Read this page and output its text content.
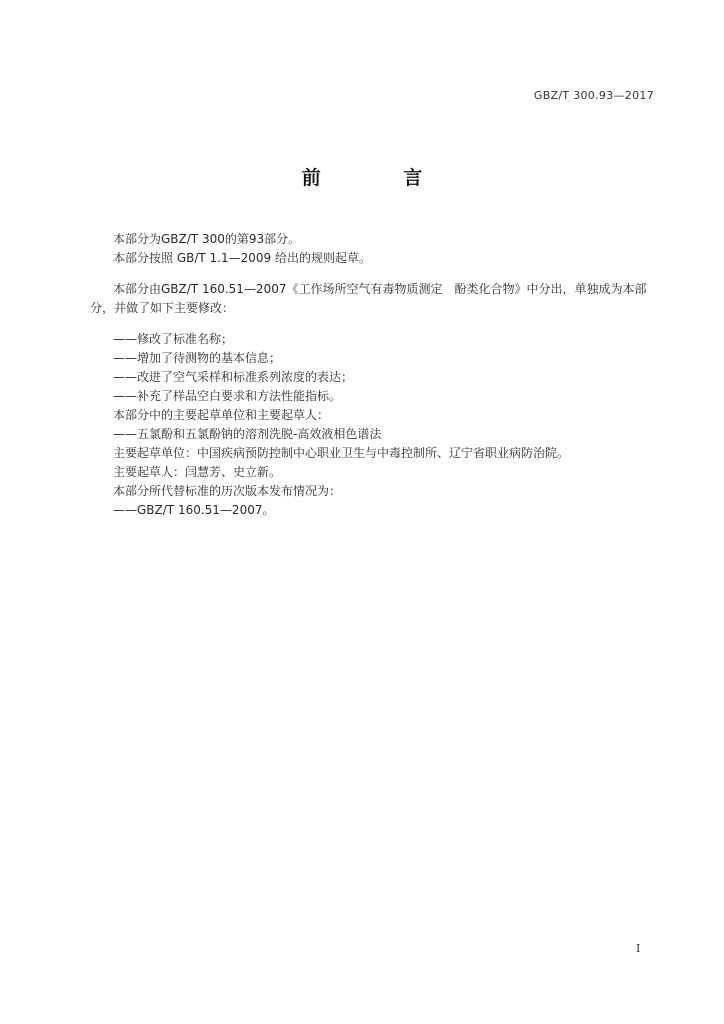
GBZ/T 300.93—2017
前 言

本部分为GBZ/T 300的第93部分。

本部分按照 GB/T 1.1—2009 给出的规则起草。

本部分由GBZ/T 160.51—2007《工作场所空气有毒物质测定　酚类化合物》中分出，单独成为本部分，并做了如下主要修改：

——修改了标准名称；

——增加了待测物的基本信息；

——改进了空气采样和标准系列浓度的表达；

——补充了样品空白要求和方法性能指标。

本部分中的主要起草单位和主要起草人：

——五氯酚和五氯酚钠的溶剂洗脱-高效液相色谱法

主要起草单位：中国疾病预防控制中心职业卫生与中毒控制所、辽宁省职业病防治院。

主要起草人：闫慧芳、史立新。

本部分所代替标准的历次版本发布情况为：

——GBZ/T 160.51—2007。

I
